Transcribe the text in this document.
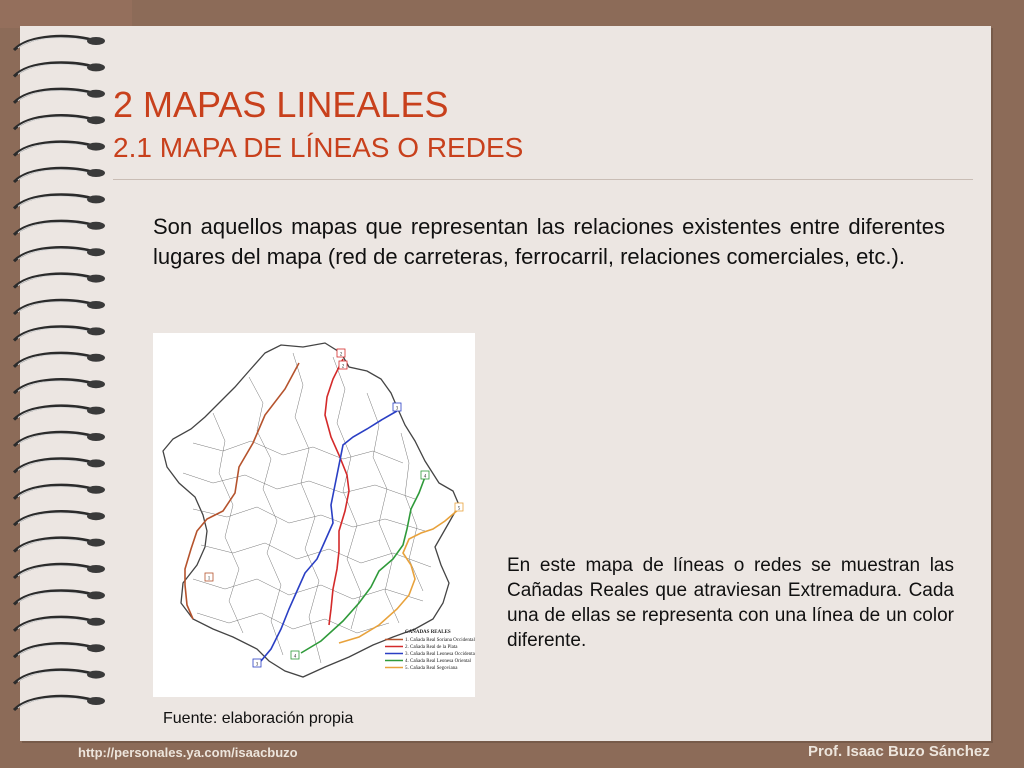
2 MAPAS LINEALES
2.1 MAPA DE LÍNEAS O REDES

Son aquellos mapas que representan las relaciones existentes entre diferentes lugares del mapa (red de carreteras, ferrocarril, relaciones comerciales, etc.).

2
2
3
4
5
1
3
4
CAÑADAS REALES
1. Cañada Real Soriana Occidental
2. Cañada Real de la Plata
3. Cañada Real Leonesa Occidental
4. Cañada Real Leonesa Oriental
5. Cañada Real Segoviana
Fuente: elaboración propia

En este mapa de líneas o redes se muestran las Cañadas Reales que atraviesan Extremadura. Cada una de ellas se representa con una línea de un color diferente.

http://personales.ya.com/isaacbuzo	Prof. Isaac Buzo Sánchez
